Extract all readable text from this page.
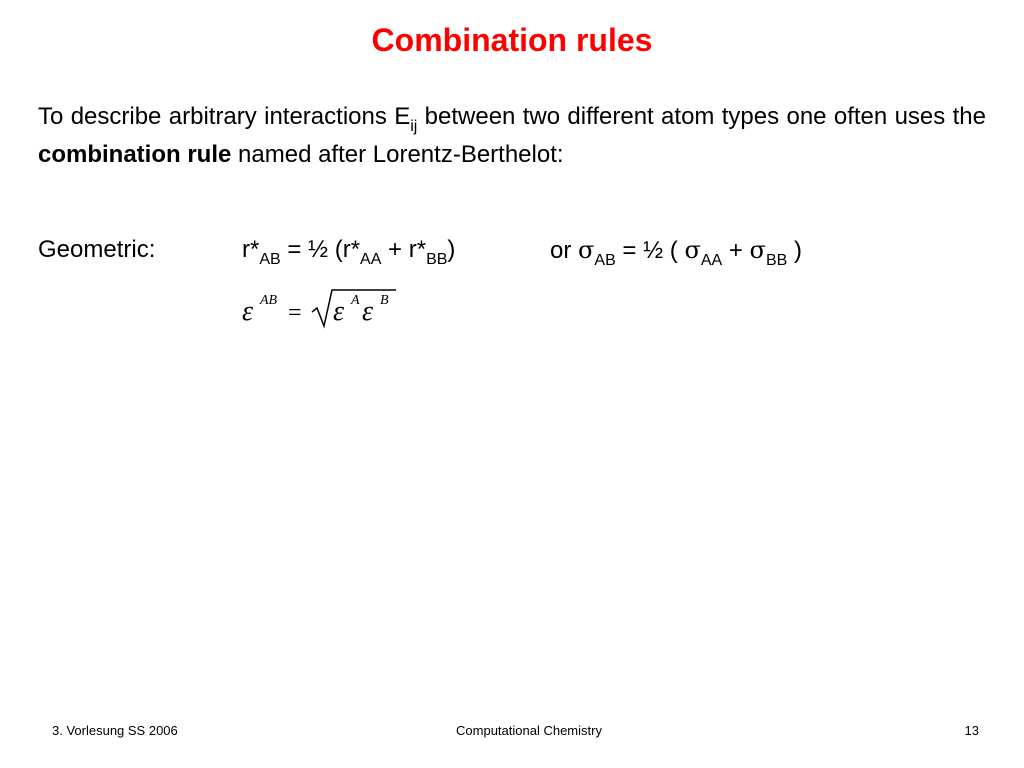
Combination rules
To describe arbitrary interactions $E_{ij}$ between two different atom types one often uses the combination rule named after Lorentz-Berthelot:
Geometric:	$r*_{AB}$ = ½ $(r*_{AA} + r*_{BB})$	or $\sigma_{AB}$ = ½ ( $\sigma_{AA} + \sigma_{BB}$ )
ε AB = ε A ε B
3. Vorlesung SS 2006	Computational Chemistry	13
